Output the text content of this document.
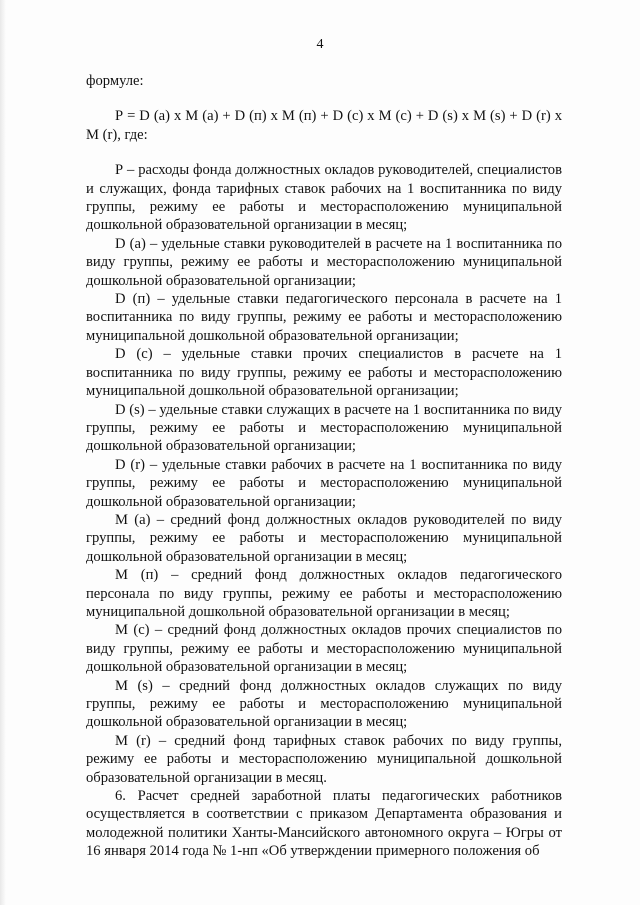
4

формуле:

Р = D (a) x M (a) + D (п) x M (п) + D (c) x M (c) + D (s) x M (s) + D (r) x M (r), где:

Р – расходы фонда должностных окладов руководителей, специалистов и служащих, фонда тарифных ставок рабочих на 1 воспитанника по виду группы, режиму ее работы и месторасположению муниципальной дошкольной образовательной организации в месяц;

D (а) – удельные ставки руководителей в расчете на 1 воспитанника по виду группы, режиму ее работы и месторасположению муниципальной дошкольной образовательной организации;

D (п) – удельные ставки педагогического персонала в расчете на 1 воспитанника по виду группы, режиму ее работы и месторасположению муниципальной дошкольной образовательной организации;

D (с) – удельные ставки прочих специалистов в расчете на 1 воспитанника по виду группы, режиму ее работы и месторасположению муниципальной дошкольной образовательной организации;

D (s) – удельные ставки служащих в расчете на 1 воспитанника по виду группы, режиму ее работы и месторасположению муниципальной дошкольной образовательной организации;

D (r) – удельные ставки рабочих в расчете на 1 воспитанника по виду группы, режиму ее работы и месторасположению муниципальной дошкольной образовательной организации;

М (а) – средний фонд должностных окладов руководителей по виду группы, режиму ее работы и месторасположению муниципальной дошкольной образовательной организации в месяц;

М (п) – средний фонд должностных окладов педагогического персонала по виду группы, режиму ее работы и месторасположению муниципальной дошкольной образовательной организации в месяц;

М (с) – средний фонд должностных окладов прочих специалистов по виду группы, режиму ее работы и месторасположению муниципальной дошкольной образовательной организации в месяц;

М (s) – средний фонд должностных окладов служащих по виду группы, режиму ее работы и месторасположению муниципальной дошкольной образовательной организации в месяц;

М (r) – средний фонд тарифных ставок рабочих по виду группы, режиму ее работы и месторасположению муниципальной дошкольной образовательной организации в месяц.

6. Расчет средней заработной платы педагогических работников осуществляется в соответствии с приказом Департамента образования и молодежной политики Ханты-Мансийского автономного округа – Югры от 16 января 2014 года № 1-нп «Об утверждении примерного положения об
